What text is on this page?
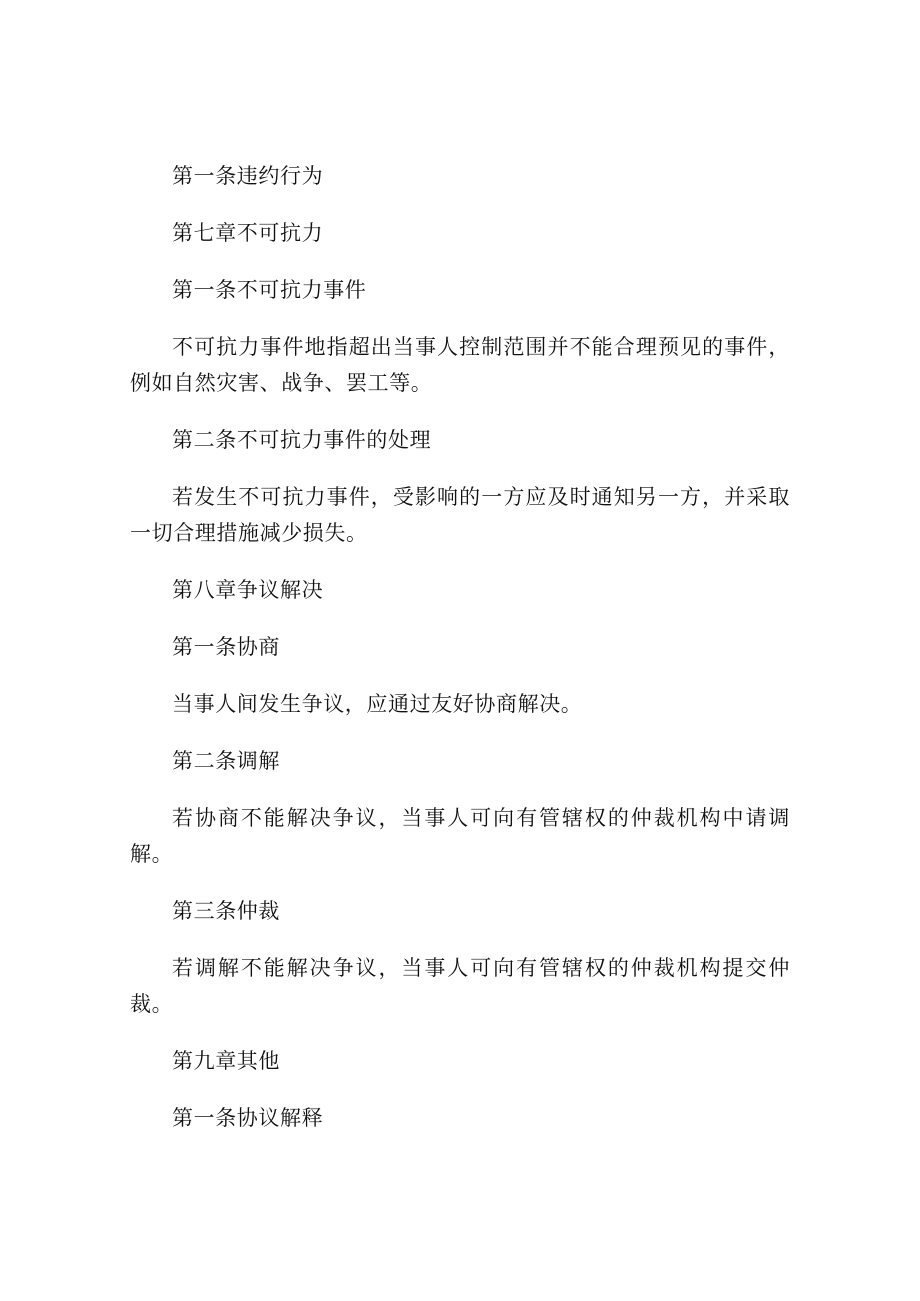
第一条违约行为

第七章不可抗力

第一条不可抗力事件

不可抗力事件地指超出当事人控制范围并不能合理预见的事件，例如自然灾害、战争、罢工等。

第二条不可抗力事件的处理

若发生不可抗力事件，受影响的一方应及时通知另一方，并采取一切合理措施减少损失。

第八章争议解决

第一条协商

当事人间发生争议，应通过友好协商解决。

第二条调解

若协商不能解决争议，当事人可向有管辖权的仲裁机构中请调解。

第三条仲裁

若调解不能解决争议，当事人可向有管辖权的仲裁机构提交仲裁。

第九章其他

第一条协议解释
